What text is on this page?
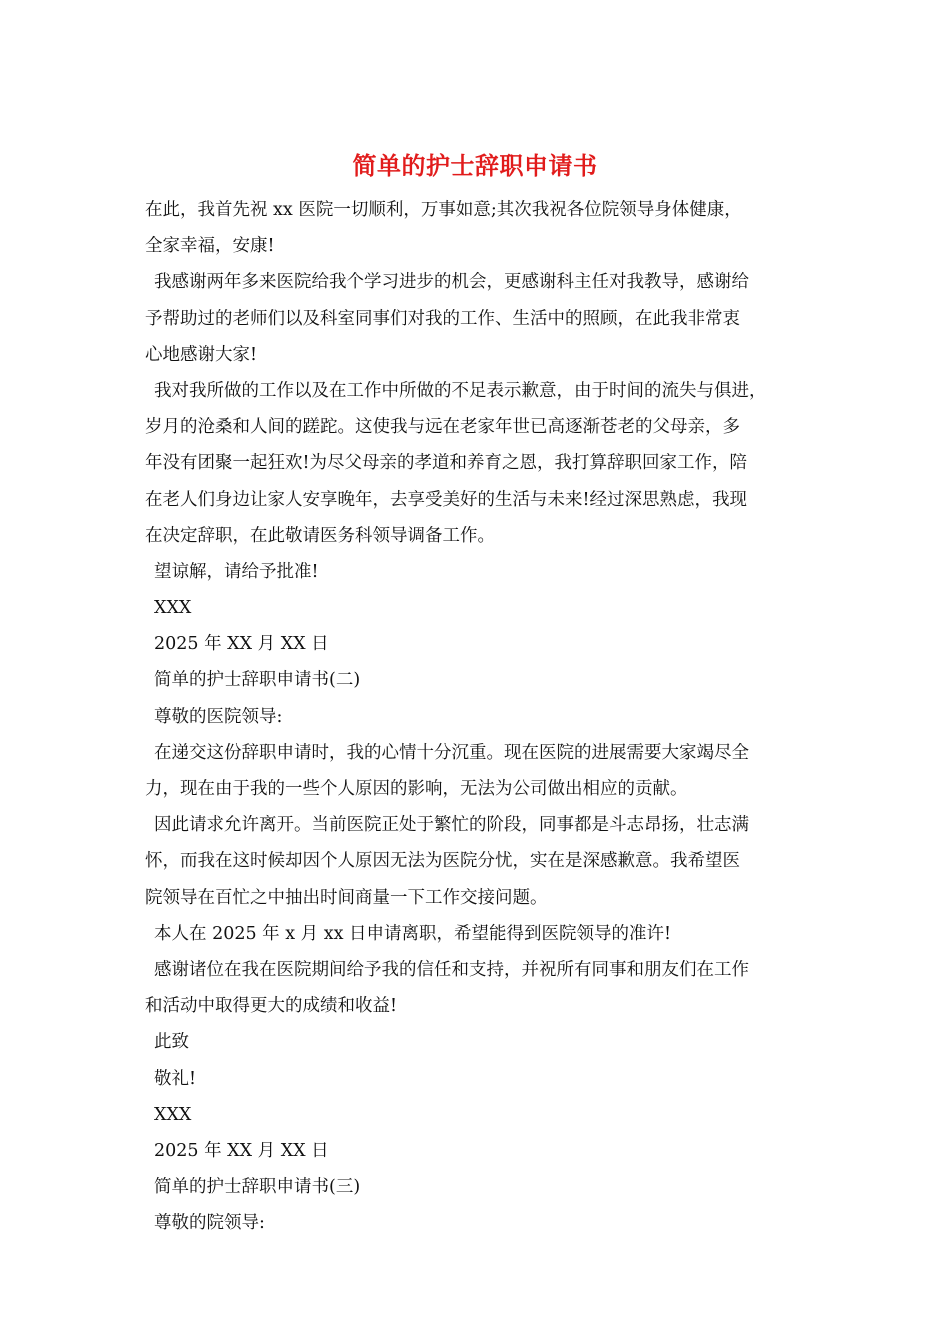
简单的护士辞职申请书
在此，我首先祝 xx 医院一切顺利，万事如意;其次我祝各位院领导身体健康，
全家幸福，安康!
我感谢两年多来医院给我个学习进步的机会，更感谢科主任对我教导，感谢给
予帮助过的老师们以及科室同事们对我的工作、生活中的照顾，在此我非常衷
心地感谢大家!
我对我所做的工作以及在工作中所做的不足表示歉意，由于时间的流失与俱进，
岁月的沧桑和人间的蹉跎。这使我与远在老家年世已高逐渐苍老的父母亲，多
年没有团聚一起狂欢!为尽父母亲的孝道和养育之恩，我打算辞职回家工作，陪
在老人们身边让家人安享晚年，去享受美好的生活与未来!经过深思熟虑，我现
在决定辞职，在此敬请医务科领导调备工作。
望谅解，请给予批准!
XXX
2025 年 XX 月 XX 日
简单的护士辞职申请书(二)
尊敬的医院领导:
在递交这份辞职申请时，我的心情十分沉重。现在医院的进展需要大家竭尽全
力，现在由于我的一些个人原因的影响，无法为公司做出相应的贡献。
因此请求允许离开。当前医院正处于繁忙的阶段，同事都是斗志昂扬，壮志满
怀，而我在这时候却因个人原因无法为医院分忧，实在是深感歉意。我希望医
院领导在百忙之中抽出时间商量一下工作交接问题。
本人在 2025 年 x 月 xx 日申请离职，希望能得到医院领导的准许!
感谢诸位在我在医院期间给予我的信任和支持，并祝所有同事和朋友们在工作
和活动中取得更大的成绩和收益!
此致
敬礼!
XXX
2025 年 XX 月 XX 日
简单的护士辞职申请书(三)
尊敬的院领导:
